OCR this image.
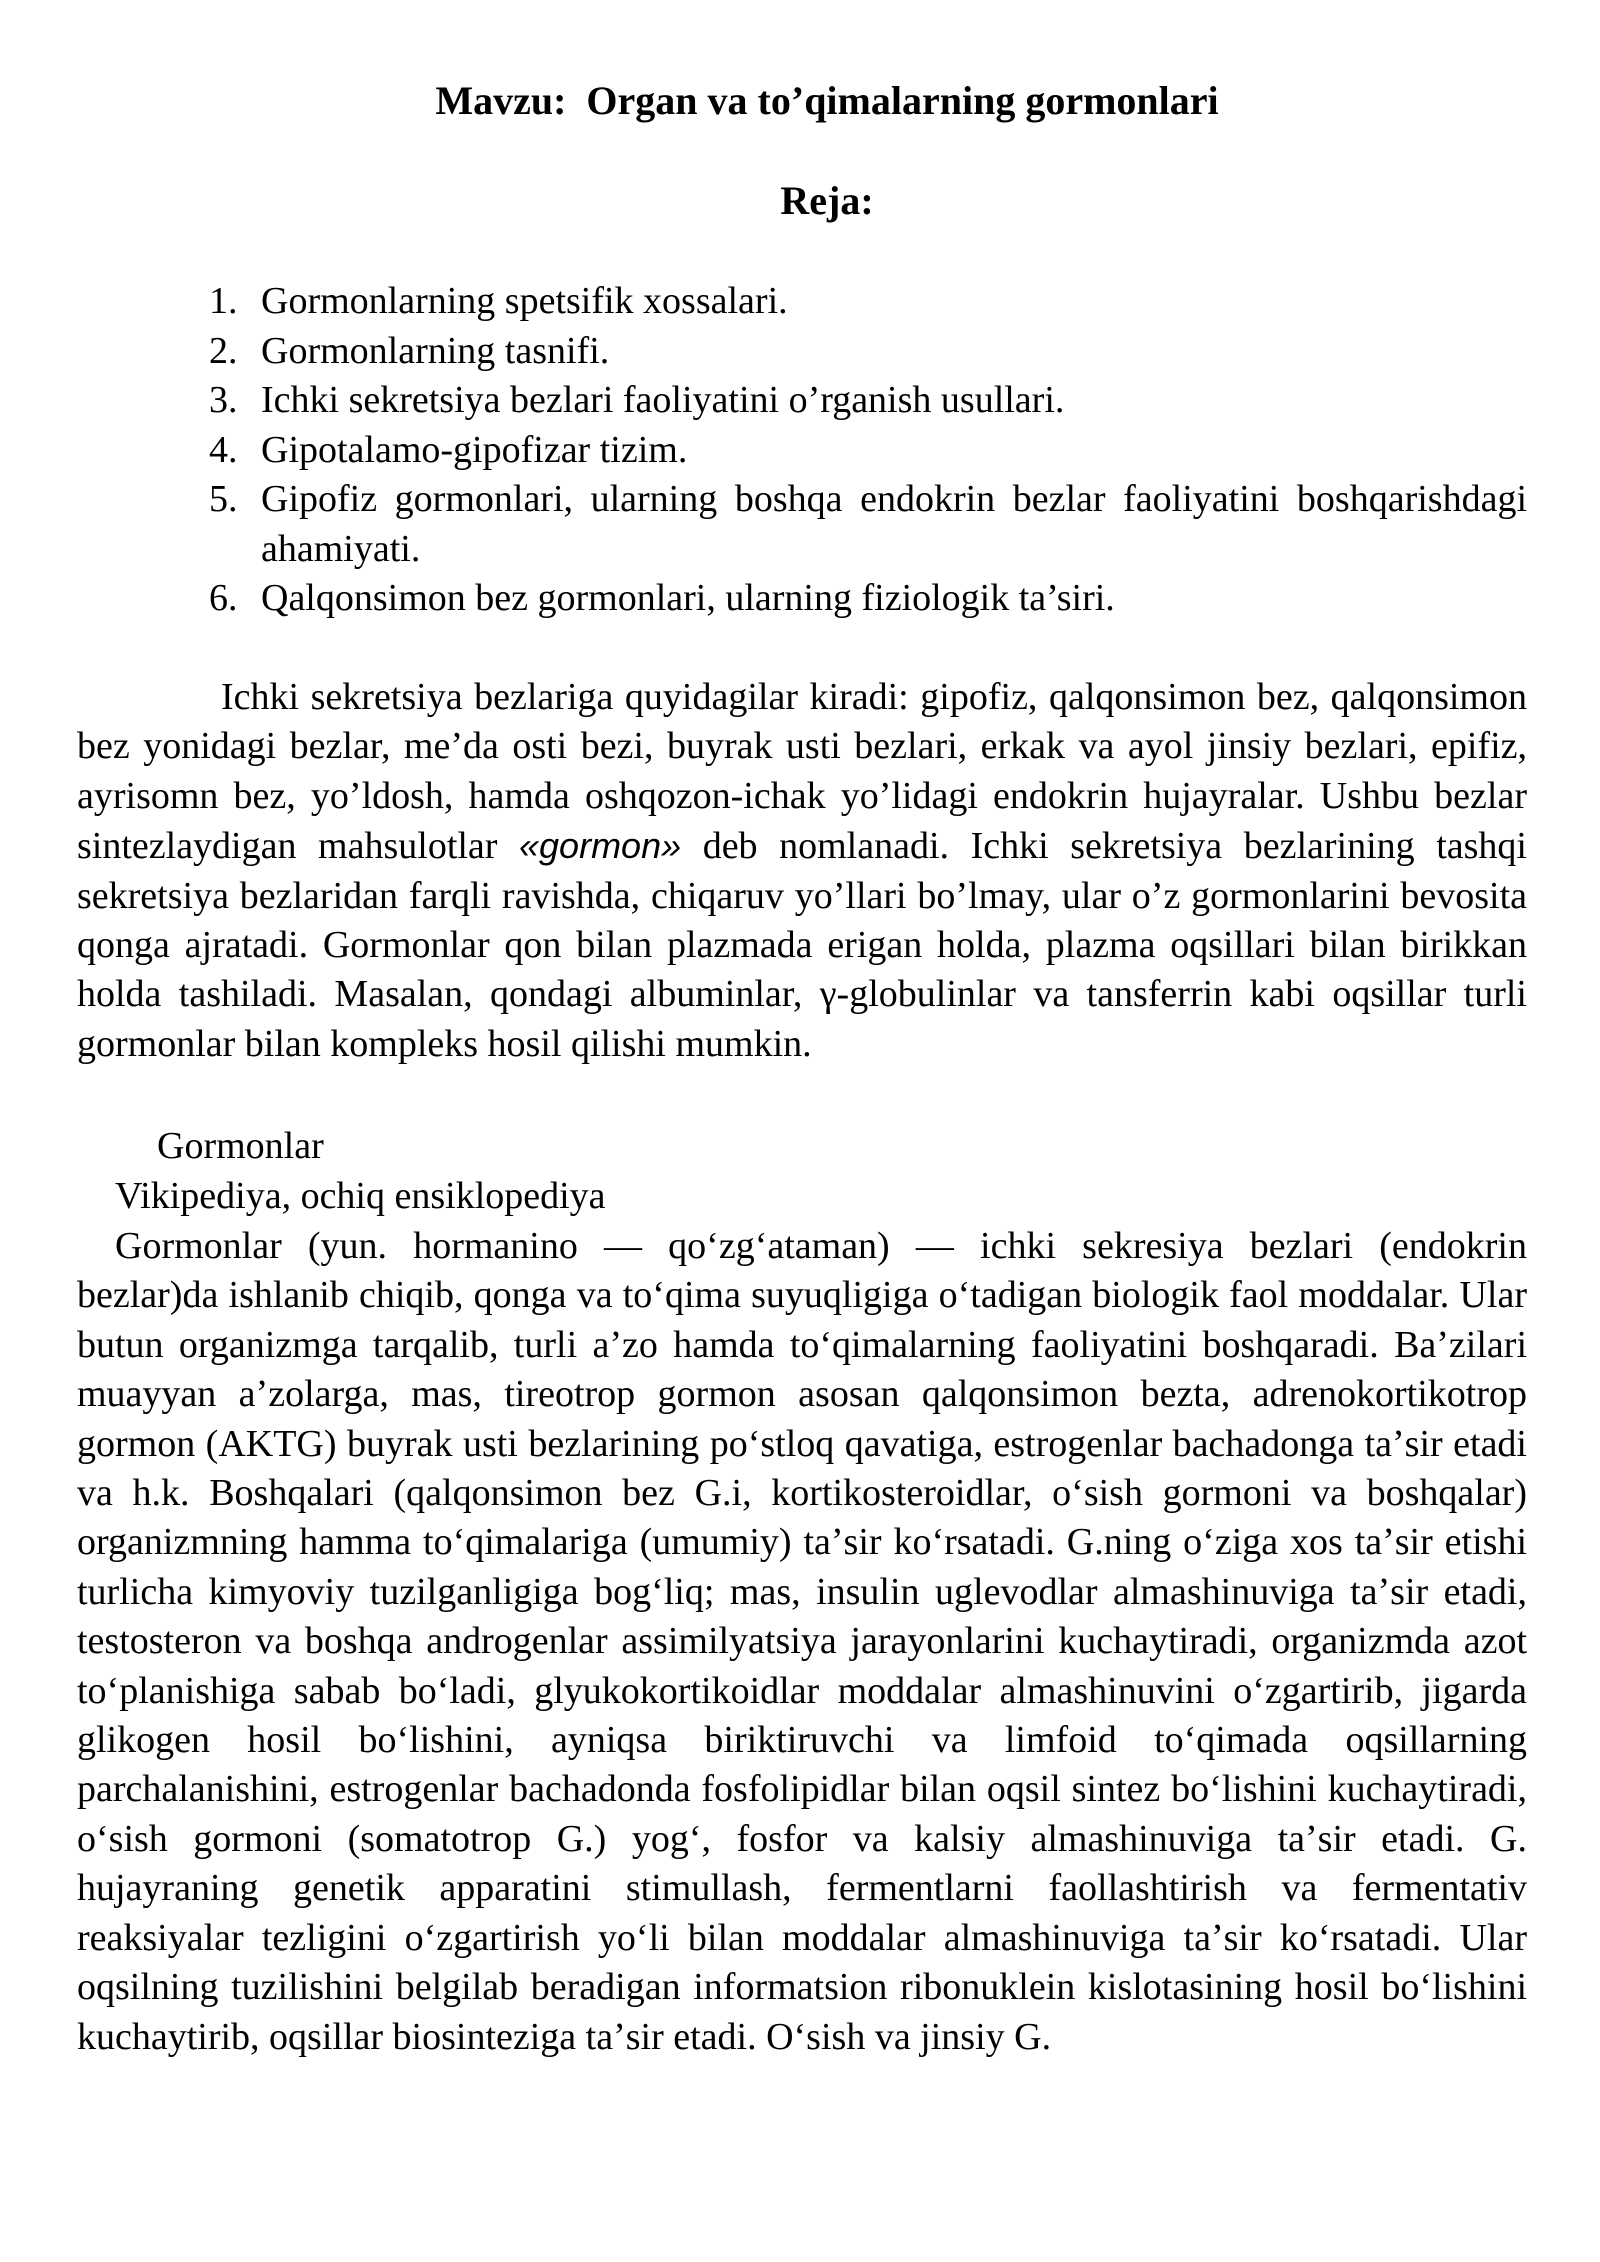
Mavzu:  Organ va to’qimalarning gormonlari
Reja:
1. Gormonlarning spetsifik xossalari.
2. Gormonlarning tasnifi.
3. Ichki sekretsiya bezlari faoliyatini o’rganish usullari.
4. Gipotalamo-gipofizar tizim.
5. Gipofiz gormonlari, ularning boshqa endokrin bezlar faoliyatini boshqarishdagi ahamiyati.
6. Qalqonsimon bez gormonlari, ularning fiziologik ta’siri.

Ichki sekretsiya bezlariga quyidagilar kiradi: gipofiz, qalqonsimon bez, qalqonsimon bez yonidagi bezlar, me’da osti bezi, buyrak usti bezlari, erkak va ayol jinsiy bezlari, epifiz, ayrisomn bez, yo’ldosh, hamda oshqozon-ichak yo’lidagi endokrin hujayralar. Ushbu bezlar sintezlaydigan mahsulotlar «gormon» deb nomlanadi. Ichki sekretsiya bezlarining tashqi sekretsiya bezlaridan farqli ravishda, chiqaruv yo’llari bo’lmay, ular o’z gormonlarini bevosita qonga ajratadi. Gormonlar qon bilan plazmada erigan holda, plazma oqsillari bilan birikkan holda tashiladi. Masalan, qondagi albuminlar, γ-globulinlar va tansferrin kabi oqsillar turli gormonlar bilan kompleks hosil qilishi mumkin.

Gormonlar

Vikipediya, ochiq ensiklopediya

Gormonlar (yun. hormanino — qoʻzgʻataman) — ichki sekresiya bezlari (endokrin bezlar)da ishlanib chiqib, qonga va toʻqima suyuqligiga oʻtadigan biologik faol moddalar. Ular butun organizmga tarqalib, turli aʼzo hamda toʻqimalarning faoliyatini boshqaradi. Baʼzilari muayyan aʼzolarga, mas, tireotrop gormon asosan qalqonsimon bezta, adrenokortikotrop gormon (AKTG) buyrak usti bezlarining poʻstloq qavatiga, estrogenlar bachadonga taʼsir etadi va h.k. Boshqalari (qalqonsimon bez G.i, kortikosteroidlar, oʻsish gormoni va boshqalar) organizmning hamma toʻqimalariga (umumiy) taʼsir koʻrsatadi. G.ning oʻziga xos taʼsir etishi turlicha kimyoviy tuzilganligiga bogʻliq; mas, insulin uglevodlar almashinuviga taʼsir etadi, testosteron va boshqa androgenlar assimilyatsiya jarayonlarini kuchaytiradi, organizmda azot toʻplanishiga sabab boʻladi, glyukokortikoidlar moddalar almashinuvini oʻzgartirib, jigarda glikogen hosil boʻlishini, ayniqsa biriktiruvchi va limfoid toʻqimada oqsillarning parchalanishini, estrogenlar bachadonda fosfolipidlar bilan oqsil sintez boʻlishini kuchaytiradi, oʻsish gormoni (somatotrop G.) yogʻ, fosfor va kalsiy almashinuviga taʼsir etadi. G. hujayraning genetik apparatini stimullash, fermentlarni faollashtirish va fermentativ reaksiyalar tezligini oʻzgartirish yoʻli bilan moddalar almashinuviga taʼsir koʻrsatadi. Ular oqsilning tuzilishini belgilab beradigan informatsion ribonuklein kislotasining hosil boʻlishini kuchaytirib, oqsillar biosinteziga taʼsir etadi. Oʻsish va jinsiy G.
